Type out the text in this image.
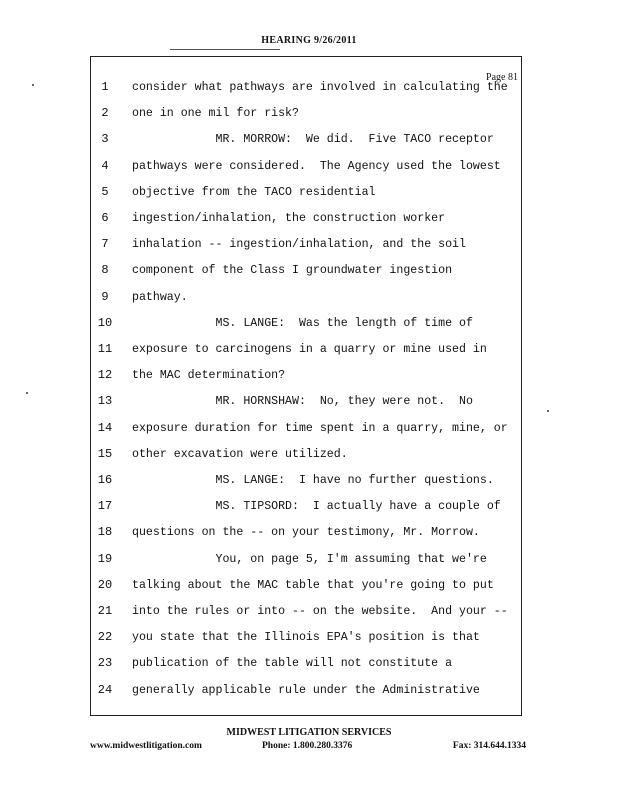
HEARING 9/26/2011
Page 81
1	consider what pathways are involved in calculating the
2	one in one mil for risk?
3	MR. MORROW:  We did.  Five TACO receptor
4	pathways were considered.  The Agency used the lowest
5	objective from the TACO residential
6	ingestion/inhalation, the construction worker
7	inhalation -- ingestion/inhalation, and the soil
8	component of the Class I groundwater ingestion
9	pathway.
10	MS. LANGE:  Was the length of time of
11	exposure to carcinogens in a quarry or mine used in
12	the MAC determination?
13	MR. HORNSHAW:  No, they were not.  No
14	exposure duration for time spent in a quarry, mine, or
15	other excavation were utilized.
16	MS. LANGE:  I have no further questions.
17	MS. TIPSORD:  I actually have a couple of
18	questions on the -- on your testimony, Mr. Morrow.
19	You, on page 5, I'm assuming that we're
20	talking about the MAC table that you're going to put
21	into the rules or into -- on the website.  And your --
22	you state that the Illinois EPA's position is that
23	publication of the table will not constitute a
24	generally applicable rule under the Administrative
MIDWEST LITIGATION SERVICES
www.midwestlitigation.com	Phone: 1.800.280.3376	Fax: 314.644.1334
